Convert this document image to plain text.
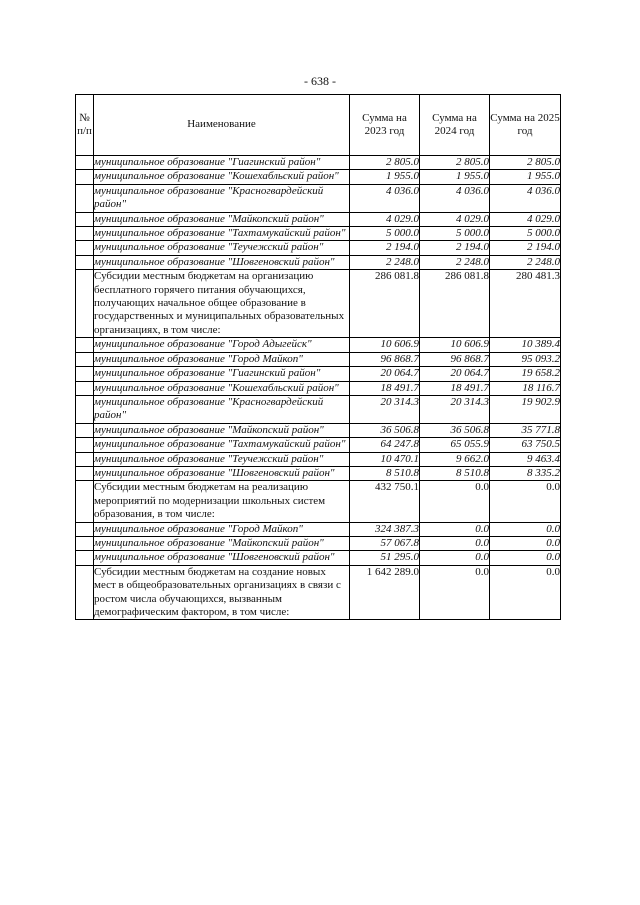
- 638 -
№ п/п	Наименование	Сумма на 2023 год	Сумма на 2024 год	Сумма на 2025 год
	муниципальное образование "Гиагинский район"	2 805.0	2 805.0	2 805.0
	муниципальное образование "Кошехабльский район"	1 955.0	1 955.0	1 955.0
	муниципальное образование "Красногвардейский район"	4 036.0	4 036.0	4 036.0
	муниципальное образование "Майкопский район"	4 029.0	4 029.0	4 029.0
	муниципальное образование "Тахтамукайский район"	5 000.0	5 000.0	5 000.0
	муниципальное образование "Теучежский район"	2 194.0	2 194.0	2 194.0
	муниципальное образование "Шовгеновский район"	2 248.0	2 248.0	2 248.0
	Субсидии местным бюджетам на организацию бесплатного горячего питания обучающихся, получающих начальное общее образование в государственных и муниципальных образовательных организациях, в том числе:	286 081.8	286 081.8	280 481.3
	муниципальное образование "Город Адыгейск"	10 606.9	10 606.9	10 389.4
	муниципальное образование "Город Майкоп"	96 868.7	96 868.7	95 093.2
	муниципальное образование "Гиагинский район"	20 064.7	20 064.7	19 658.2
	муниципальное образование "Кошехабльский район"	18 491.7	18 491.7	18 116.7
	муниципальное образование "Красногвардейский район"	20 314.3	20 314.3	19 902.9
	муниципальное образование "Майкопский район"	36 506.8	36 506.8	35 771.8
	муниципальное образование "Тахтамукайский район"	64 247.8	65 055.9	63 750.5
	муниципальное образование "Теучежский район"	10 470.1	9 662.0	9 463.4
	муниципальное образование "Шовгеновский район"	8 510.8	8 510.8	8 335.2
	Субсидии местным бюджетам на реализацию мероприятий по модернизации школьных систем образования, в том числе:	432 750.1	0.0	0.0
	муниципальное образование "Город Майкоп"	324 387.3	0.0	0.0
	муниципальное образование "Майкопский район"	57 067.8	0.0	0.0
	муниципальное образование "Шовгеновский район"	51 295.0	0.0	0.0
	Субсидии местным бюджетам на создание новых мест в общеобразовательных организациях в связи с ростом числа обучающихся, вызванным демографическим фактором, в том числе:	1 642 289.0	0.0	0.0
